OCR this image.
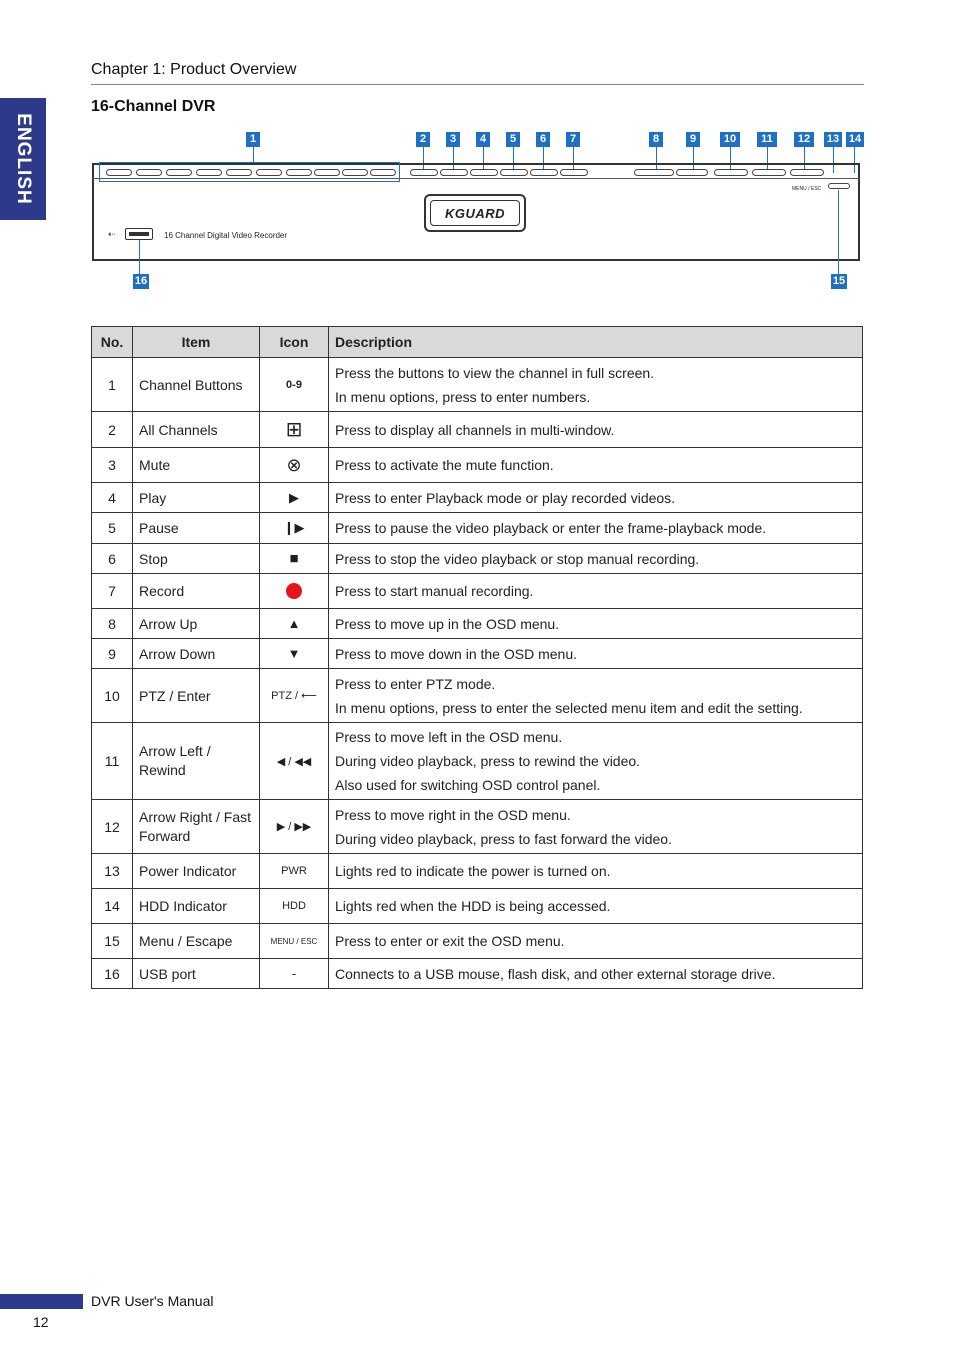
ENGLISH
Chapter 1: Product Overview
16-Channel DVR
1	2	3	4	5	6	7	8	9	10	11	12	13 14
MENU / ESC
KGUARD
⇠	16 Channel Digital Video Recorder
16	15
No.	Item	Icon	Description
1	Channel Buttons	0-9	Press the buttons to view the channel in full screen.
In menu options, press to enter numbers.

2	All Channels	⊞	Press to display all channels in multi-window.

3	Mute	⊗	Press to activate the mute function.

4	Play	▶	Press to enter Playback mode or play recorded videos.

5	Pause	❙▶	Press to pause the video playback or enter the frame-playback mode.

6	Stop	■	Press to stop the video playback or stop manual recording.

7	Record		Press to start manual recording.

8	Arrow Up	▲	Press to move up in the OSD menu.

9	Arrow Down	▼	Press to move down in the OSD menu.

10	PTZ / Enter	PTZ / ⟵	Press to enter PTZ mode.
In menu options, press to enter the selected menu item and edit the setting.

11	Arrow Left / Rewind	◀ / ◀◀	Press to move left in the OSD menu.
During video playback, press to rewind the video.
Also used for switching OSD control panel.

12	Arrow Right / Fast Forward	▶ / ▶▶	Press to move right in the OSD menu.
During video playback, press to fast forward the video.

13	Power Indicator	PWR	Lights red to indicate the power is turned on.

14	HDD Indicator	HDD	Lights red when the HDD is being accessed.

15	Menu / Escape	MENU / ESC	Press to enter or exit the OSD menu.

16	USB port	-	Connects to a USB mouse, flash disk, and other external storage drive.
DVR User's Manual
12
